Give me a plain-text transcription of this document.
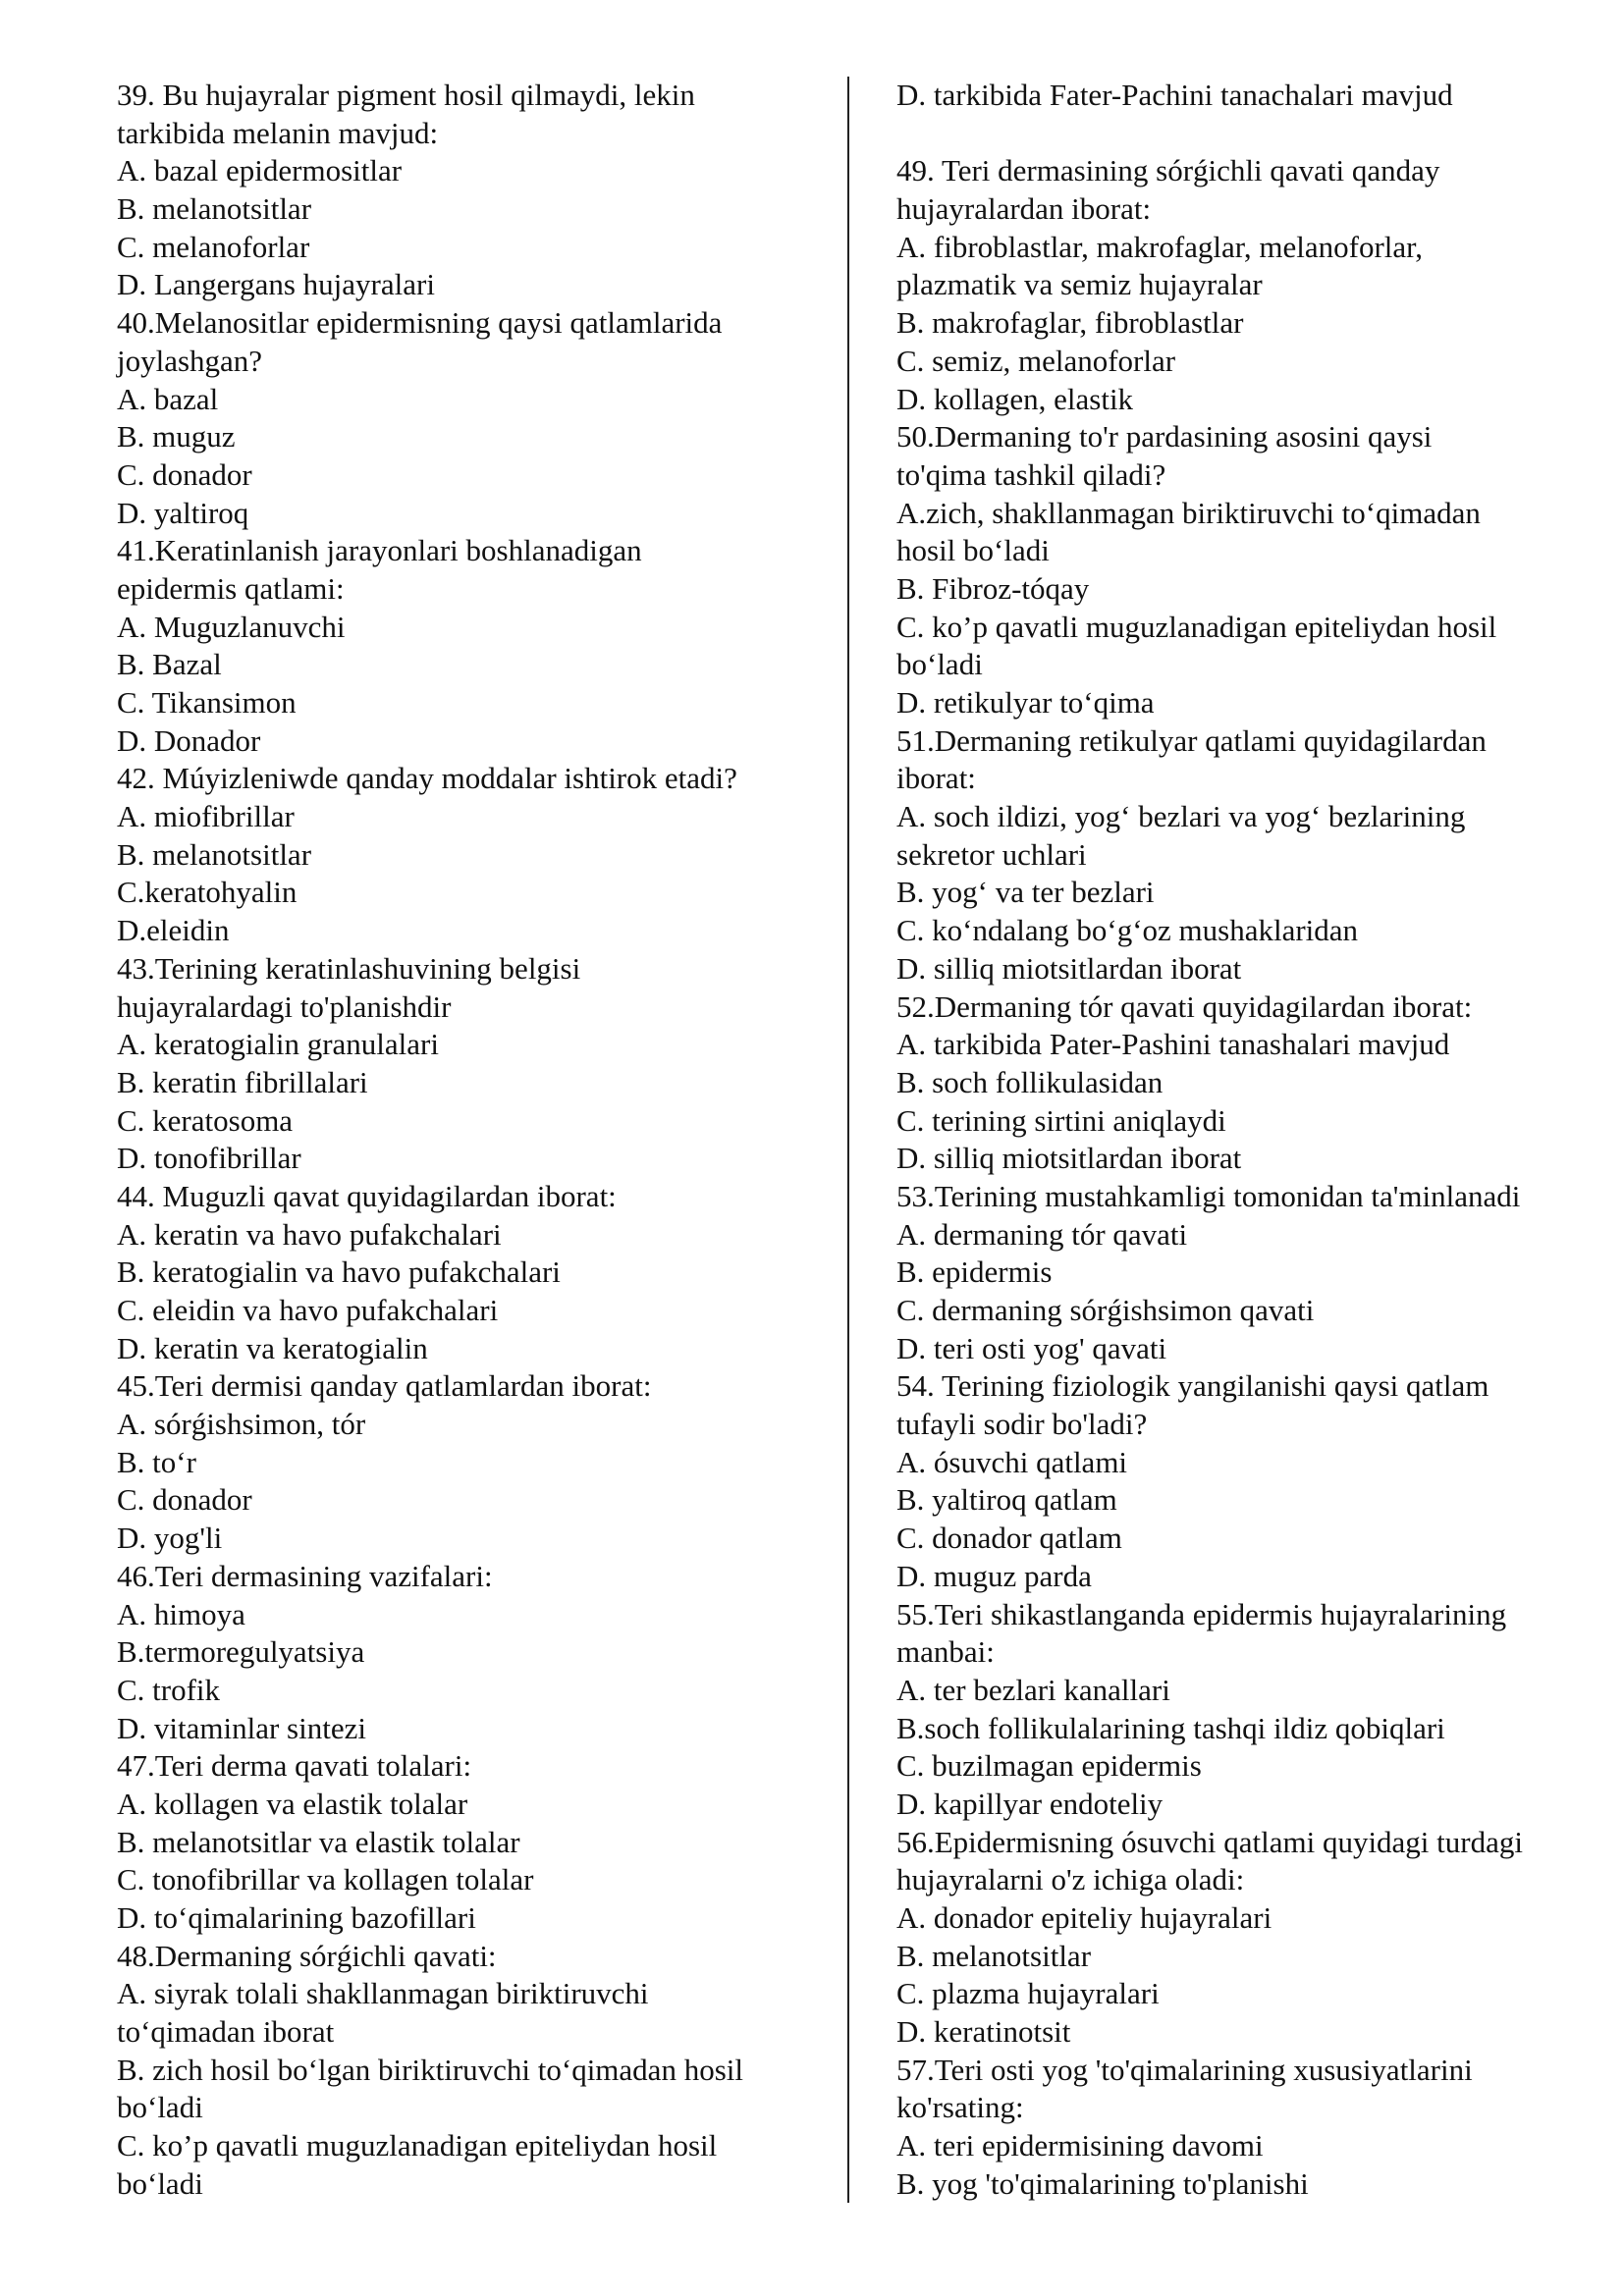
39. Bu hujayralar pigment hosil qilmaydi, lekin
tarkibida melanin mavjud:
A. bazal epidermositlar
B. melanotsitlar
C. melanoforlar
D. Langergans hujayralari
40.Melanositlar epidermisning qaysi qatlamlarida
joylashgan?
A. bazal
B. muguz
C. donador
D. yaltiroq
41.Keratinlanish jarayonlari boshlanadigan
epidermis qatlami:
A. Muguzlanuvchi
B. Bazal
C. Tikansimon
D. Donador
42. Múyizleniwde qanday moddalar ishtirok etadi?
A. miofibrillar
B. melanotsitlar
C.keratohyalin
D.eleidin
43.Terining keratinlashuvining belgisi
hujayralardagi to'planishdir
A. keratogialin granulalari
B. keratin fibrillalari
C. keratosoma
D. tonofibrillar
44. Muguzli qavat quyidagilardan iborat:
A. keratin va havo pufakchalari
B. keratogialin va havo pufakchalari
C. eleidin va havo pufakchalari
D. keratin va keratogialin
45.Teri dermisi qanday qatlamlardan iborat:
A. sórǵishsimon, tór
B. to‘r
C. donador
D. yog'li
46.Teri dermasining vazifalari:
A. himoya
B.termoregulyatsiya
C. trofik
D. vitaminlar sintezi
47.Teri derma qavati tolalari:
A. kollagen va elastik tolalar
B. melanotsitlar va elastik tolalar
C. tonofibrillar va kollagen tolalar
D. to‘qimalarining bazofillari
48.Dermaning sórǵichli qavati:
A. siyrak tolali shakllanmagan biriktiruvchi
to‘qimadan iborat
B. zich hosil bo‘lgan biriktiruvchi to‘qimadan hosil
bo‘ladi
C. ko’p qavatli muguzlanadigan epiteliydan hosil
bo‘ladi
D. tarkibida Fater-Pachini tanachalari mavjud
49. Teri dermasining sórǵichli qavati qanday
hujayralardan iborat:
A. fibroblastlar, makrofaglar, melanoforlar,
plazmatik va semiz hujayralar
B. makrofaglar, fibroblastlar
C. semiz, melanoforlar
D. kollagen, elastik
50.Dermaning to'r pardasining asosini qaysi
to'qima tashkil qiladi?
A.zich, shakllanmagan biriktiruvchi to‘qimadan
hosil bo‘ladi
B. Fibroz-tóqay
C. ko’p qavatli muguzlanadigan epiteliydan hosil
bo‘ladi
D. retikulyar to‘qima
51.Dermaning retikulyar qatlami quyidagilardan
iborat:
A. soch ildizi, yog‘ bezlari va yog‘ bezlarining
sekretor uchlari
B. yog‘ va ter bezlari
C. ko‘ndalang bo‘g‘oz mushaklaridan
D. silliq miotsitlardan iborat
52.Dermaning tór qavati quyidagilardan iborat:
A. tarkibida Pater-Pashini tanashalari mavjud
B. soch follikulasidan
C. terining sirtini aniqlaydi
D. silliq miotsitlardan iborat
53.Terining mustahkamligi tomonidan ta'minlanadi
A. dermaning tór qavati
B. epidermis
C. dermaning sórǵishsimon qavati
D. teri osti yog' qavati
54. Terining fiziologik yangilanishi qaysi qatlam
tufayli sodir bo'ladi?
A. ósuvchi qatlami
B. yaltiroq qatlam
C. donador qatlam
D. muguz parda
55.Teri shikastlanganda epidermis hujayralarining
manbai:
A. ter bezlari kanallari
B.soch follikulalarining tashqi ildiz qobiqlari
C. buzilmagan epidermis
D. kapillyar endoteliy
56.Epidermisning ósuvchi qatlami quyidagi turdagi
hujayralarni o'z ichiga oladi:
A. donador epiteliy hujayralari
B. melanotsitlar
C. plazma hujayralari
D. keratinotsit
57.Teri osti yog 'to'qimalarining xususiyatlarini
ko'rsating:
A. teri epidermisining davomi
B. yog 'to'qimalarining to'planishi
